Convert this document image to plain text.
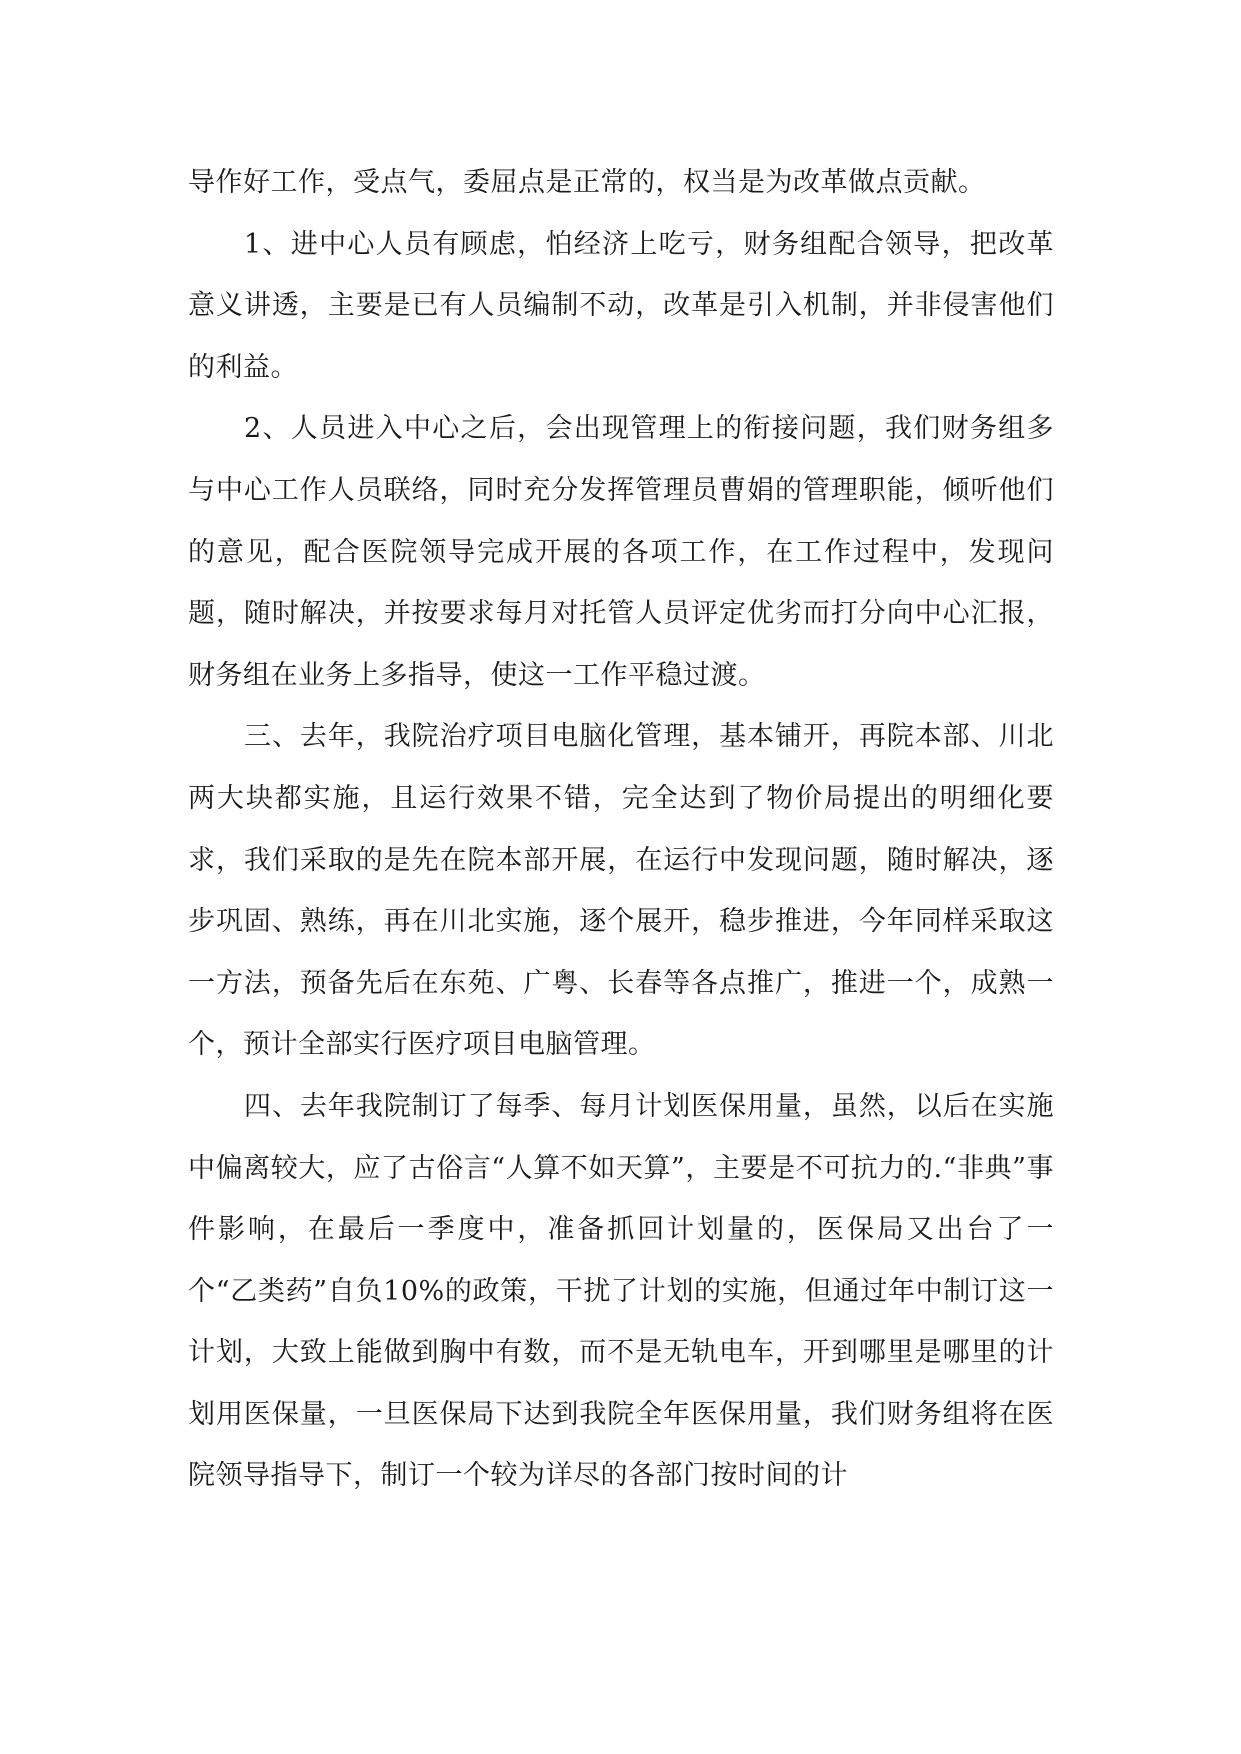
导作好工作，受点气，委屈点是正常的，权当是为改革做点贡献。

1、进中心人员有顾虑，怕经济上吃亏，财务组配合领导，把改革意义讲透，主要是已有人员编制不动，改革是引入机制，并非侵害他们的利益。

2、人员进入中心之后，会出现管理上的衔接问题，我们财务组多与中心工作人员联络，同时充分发挥管理员曹娟的管理职能，倾听他们的意见，配合医院领导完成开展的各项工作，在工作过程中，发现问题，随时解决，并按要求每月对托管人员评定优劣而打分向中心汇报，财务组在业务上多指导，使这一工作平稳过渡。

三、去年，我院治疗项目电脑化管理，基本铺开，再院本部、川北两大块都实施，且运行效果不错，完全达到了物价局提出的明细化要求，我们采取的是先在院本部开展，在运行中发现问题，随时解决，逐步巩固、熟练，再在川北实施，逐个展开，稳步推进，今年同样采取这一方法，预备先后在东苑、广粤、长春等各点推广，推进一个，成熟一个，预计全部实行医疗项目电脑管理。

四、去年我院制订了每季、每月计划医保用量，虽然，以后在实施中偏离较大，应了古俗言“人算不如天算”，主要是不可抗力的.“非典”事件影响，在最后一季度中，准备抓回计划量的，医保局又出台了一个“乙类药”自负10%的政策，干扰了计划的实施，但通过年中制订这一计划，大致上能做到胸中有数，而不是无轨电车，开到哪里是哪里的计划用医保量，一旦医保局下达到我院全年医保用量，我们财务组将在医院领导指导下，制订一个较为详尽的各部门按时间的计
